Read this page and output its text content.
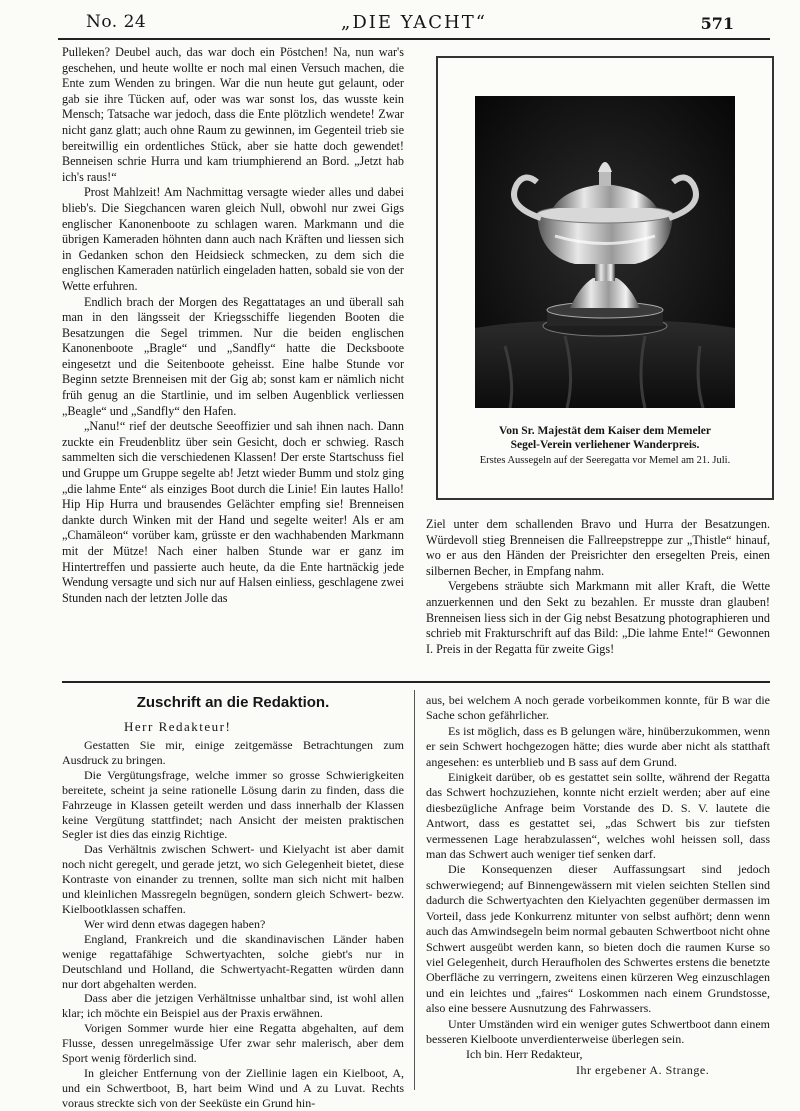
No. 24	„DIE YACHT“	571

Pulleken? Deubel auch, das war doch ein Pöstchen! Na, nun war's geschehen, und heute wollte er noch mal einen Versuch machen, die Ente zum Wenden zu bringen. War die nun heute gut gelaunt, oder gab sie ihre Tücken auf, oder was war sonst los, das wusste kein Mensch; Tatsache war jedoch, dass die Ente plötzlich wendete! Zwar nicht ganz glatt; auch ohne Raum zu gewinnen, im Gegenteil trieb sie bereitwillig ein ordentliches Stück, aber sie hatte doch gewendet! Benneisen schrie Hurra und kam triumphierend an Bord. „Jetzt hab ich's raus!“

Prost Mahlzeit! Am Nachmittag versagte wieder alles und dabei blieb's. Die Siegchancen waren gleich Null, obwohl nur zwei Gigs englischer Kanonenboote zu schlagen waren. Markmann und die übrigen Kameraden höhnten dann auch nach Kräften und liessen sich in Gedanken schon den Heidsieck schmecken, zu dem sich die englischen Kameraden natürlich eingeladen hatten, sobald sie von der Wette erfuhren.

Endlich brach der Morgen des Regattatages an und überall sah man in den längsseit der Kriegsschiffe liegenden Booten die Besatzungen die Segel trimmen. Nur die beiden englischen Kanonenboote „Bragle“ und „Sandfly“ hatte die Decksboote eingesetzt und die Seitenboote geheisst. Eine halbe Stunde vor Beginn setzte Brenneisen mit der Gig ab; sonst kam er nämlich nicht früh genug an die Startlinie, und im selben Augenblick verliessen „Beagle“ und „Sandfly“ den Hafen.

„Nanu!“ rief der deutsche Seeoffizier und sah ihnen nach. Dann zuckte ein Freudenblitz über sein Gesicht, doch er schwieg. Rasch sammelten sich die verschiedenen Klassen! Der erste Startschuss fiel und Gruppe um Gruppe segelte ab! Jetzt wieder Bumm und stolz ging „die lahme Ente“ als einziges Boot durch die Linie! Ein lautes Hallo! Hip Hip Hurra und brausendes Gelächter empfing sie! Brenneisen dankte durch Winken mit der Hand und segelte weiter! Als er am „Chamäleon“ vorüber kam, grüsste er den wachhabenden Markmann mit der Mütze! Nach einer halben Stunde war er ganz im Hintertreffen und passierte auch heute, da die Ente hartnäckig jede Wendung versagte und sich nur auf Halsen einliess, geschlagene zwei Stunden nach der letzten Jolle das

Von Sr. Majestät dem Kaiser dem Memeler
Segel-Verein verliehener Wanderpreis.
Erstes Aussegeln auf der Seeregatta vor Memel am 21. Juli.

Ziel unter dem schallenden Bravo und Hurra der Besatzungen. Würdevoll stieg Brenneisen die Fallreepstreppe zur „Thistle“ hinauf, wo er aus den Händen der Preisrichter den ersegelten Preis, einen silbernen Becher, in Empfang nahm.

Vergebens sträubte sich Markmann mit aller Kraft, die Wette anzuerkennen und den Sekt zu bezahlen. Er musste dran glauben! Brenneisen liess sich in der Gig nebst Besatzung photographieren und schrieb mit Frakturschrift auf das Bild: „Die lahme Ente!“ Gewonnen I. Preis in der Regatta für zweite Gigs!

Zuschrift an die Redaktion.
Herr Redakteur!

Gestatten Sie mir, einige zeitgemässe Betrachtungen zum Ausdruck zu bringen.

Die Vergütungsfrage, welche immer so grosse Schwierigkeiten bereitete, scheint ja seine rationelle Lösung darin zu finden, dass die Fahrzeuge in Klassen geteilt werden und dass innerhalb der Klassen keine Vergütung stattfindet; nach Ansicht der meisten praktischen Segler ist dies das einzig Richtige.

Das Verhältnis zwischen Schwert- und Kielyacht ist aber damit noch nicht geregelt, und gerade jetzt, wo sich Gelegenheit bietet, diese Kontraste von einander zu trennen, sollte man sich nicht mit halben und kleinlichen Massregeln begnügen, sondern gleich Schwert- bezw. Kielbootklassen schaffen.

Wer wird denn etwas dagegen haben?

England, Frankreich und die skandinavischen Länder haben wenige regattafähige Schwertyachten, solche giebt's nur in Deutschland und Holland, die Schwertyacht-Regatten würden dann nur dort abgehalten werden.

Dass aber die jetzigen Verhältnisse unhaltbar sind, ist wohl allen klar; ich möchte ein Beispiel aus der Praxis erwähnen.

Vorigen Sommer wurde hier eine Regatta abgehalten, auf dem Flusse, dessen unregelmässige Ufer zwar sehr malerisch, aber dem Sport wenig förderlich sind.

In gleicher Entfernung von der Ziellinie lagen ein Kielboot, A, und ein Schwertboot, B, hart beim Wind und A zu Luvat. Rechts voraus streckte sich von der Seeküste ein Grund hin-

aus, bei welchem A noch gerade vorbeikommen konnte, für B war die Sache schon gefährlicher.

Es ist möglich, dass es B gelungen wäre, hinüberzukommen, wenn er sein Schwert hochgezogen hätte; dies wurde aber nicht als statthaft angesehen: es unterblieb und B sass auf dem Grund.

Einigkeit darüber, ob es gestattet sein sollte, während der Regatta das Schwert hochzuziehen, konnte nicht erzielt werden; aber auf eine diesbezügliche Anfrage beim Vorstande des D. S. V. lautete die Antwort, dass es gestattet sei, „das Schwert bis zur tiefsten vermessenen Lage herabzulassen“, welches wohl heissen soll, dass man das Schwert auch weniger tief senken darf.

Die Konsequenzen dieser Auffassungsart sind jedoch schwerwiegend; auf Binnengewässern mit vielen seichten Stellen sind dadurch die Schwertyachten den Kielyachten gegenüber dermassen im Vorteil, dass jede Konkurrenz mitunter von selbst aufhört; denn wenn auch das Amwindsegeln beim normal gebauten Schwertboot nicht ohne Schwert ausgeübt werden kann, so bieten doch die raumen Kurse so viel Gelegenheit, durch Heraufholen des Schwertes erstens die benetzte Oberfläche zu verringern, zweitens einen kürzeren Weg einzuschlagen und ein leichtes und „faires“ Loskommen nach einem Grundstosse, also eine bessere Ausnutzung des Fahrwassers.

Unter Umständen wird ein weniger gutes Schwertboot dann einem besseren Kielboote unverdienterweise überlegen sein.

Ich bin. Herr Redakteur,

Ihr ergebener A. Strange.
